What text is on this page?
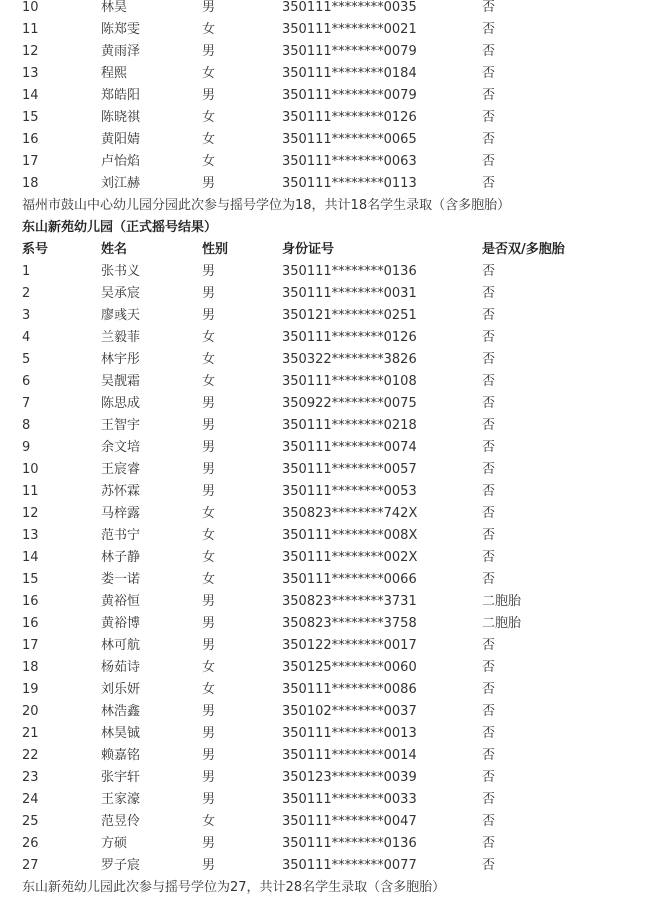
10	林昊	男	350111********0035	否
11	陈郑雯	女	350111********0021	否
12	黄雨泽	男	350111********0079	否
13	程熙	女	350111********0184	否
14	郑皓阳	男	350111********0079	否
15	陈晓祺	女	350111********0126	否
16	黄阳婧	女	350111********0065	否
17	卢怡焰	女	350111********0063	否
18	刘江赫	男	350111********0113	否
福州市鼓山中心幼儿园分园此次参与摇号学位为18，共计18名学生录取（含多胞胎）
东山新苑幼儿园（正式摇号结果）
系号	姓名	性别	身份证号	是否双/多胞胎
1	张书义	男	350111********0136	否
2	吴承宸	男	350111********0031	否
3	廖彧天	男	350121********0251	否
4	兰毅菲	女	350111********0126	否
5	林宇彤	女	350322********3826	否
6	吴靓霜	女	350111********0108	否
7	陈思成	男	350922********0075	否
8	王智宇	男	350111********0218	否
9	余文培	男	350111********0074	否
10	王宸睿	男	350111********0057	否
11	苏怀霖	男	350111********0053	否
12	马梓露	女	350823********742X	否
13	范书宁	女	350111********008X	否
14	林子静	女	350111********002X	否
15	娄一诺	女	350111********0066	否
16	黄裕恒	男	350823********3731	二胞胎
16	黄裕博	男	350823********3758	二胞胎
17	林可航	男	350122********0017	否
18	杨茹诗	女	350125********0060	否
19	刘乐妍	女	350111********0086	否
20	林浩鑫	男	350102********0037	否
21	林昊铖	男	350111********0013	否
22	赖嘉铭	男	350111********0014	否
23	张宇轩	男	350123********0039	否
24	王家濠	男	350111********0033	否
25	范昱伶	女	350111********0047	否
26	方硕	男	350111********0136	否
27	罗子宸	男	350111********0077	否
东山新苑幼儿园此次参与摇号学位为27，共计28名学生录取（含多胞胎）
